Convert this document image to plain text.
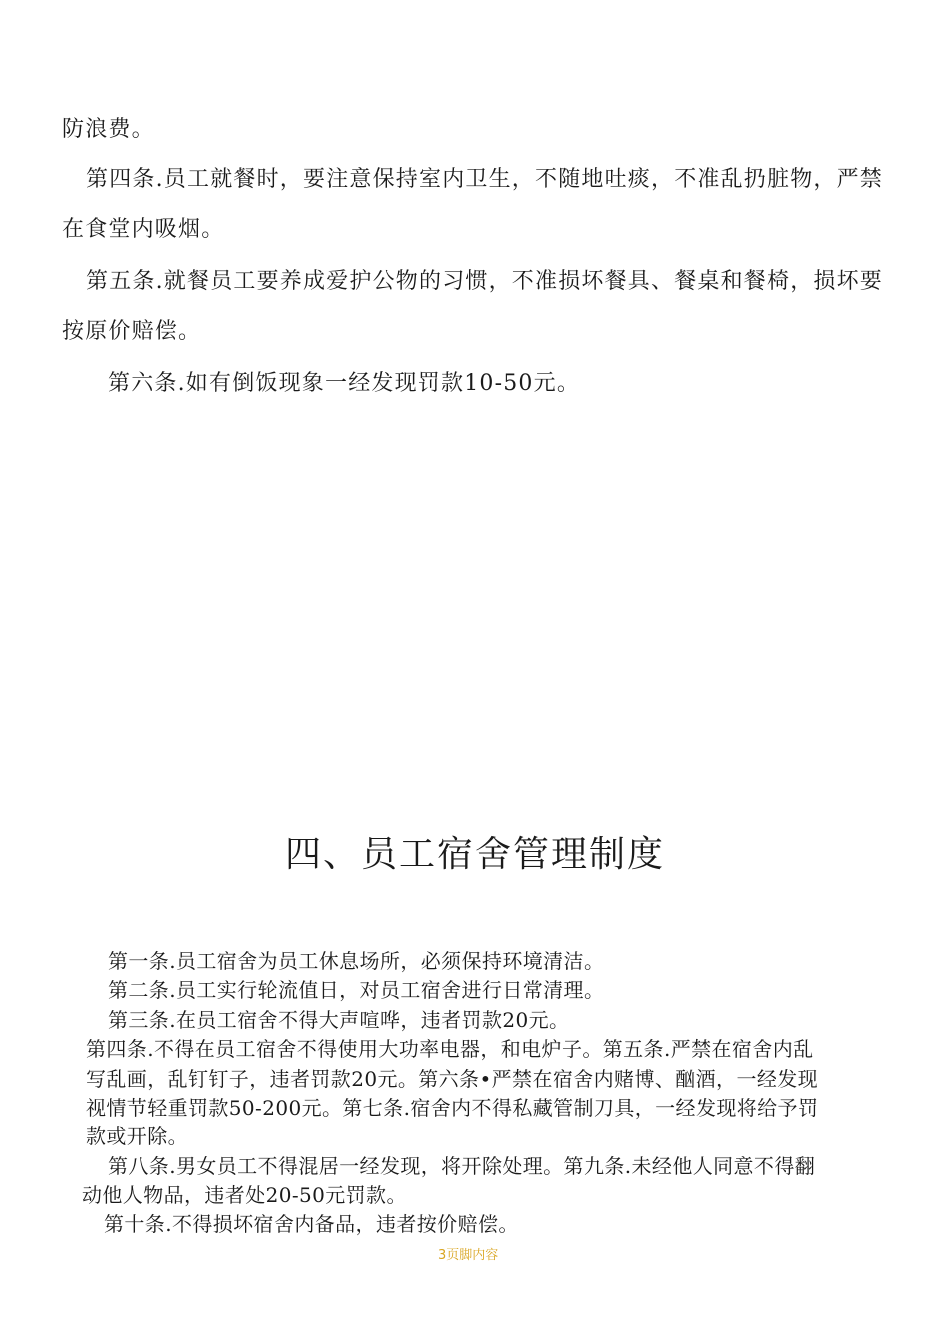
防浪费。

第四条.员工就餐时，要注意保持室内卫生，不随地吐痰，不准乱扔脏物，严禁

在食堂内吸烟。

第五条.就餐员工要养成爱护公物的习惯，不准损坏餐具、餐桌和餐椅，损坏要

按原价赔偿。

第六条.如有倒饭现象一经发现罚款10-50元。

四、员工宿舍管理制度

第一条.员工宿舍为员工休息场所，必须保持环境清洁。

第二条.员工实行轮流值日，对员工宿舍进行日常清理。

第三条.在员工宿舍不得大声喧哗，违者罚款20元。

第四条.不得在员工宿舍不得使用大功率电器，和电炉子。第五条.严禁在宿舍内乱

写乱画，乱钉钉子，违者罚款20元。第六条•严禁在宿舍内赌博、酗酒，一经发现

视情节轻重罚款50-200元。第七条.宿舍内不得私藏管制刀具，一经发现将给予罚

款或开除。

第八条.男女员工不得混居一经发现，将开除处理。第九条.未经他人同意不得翻

动他人物品，违者处20-50元罚款。

第十条.不得损坏宿舍内备品，违者按价赔偿。

3页脚内容
